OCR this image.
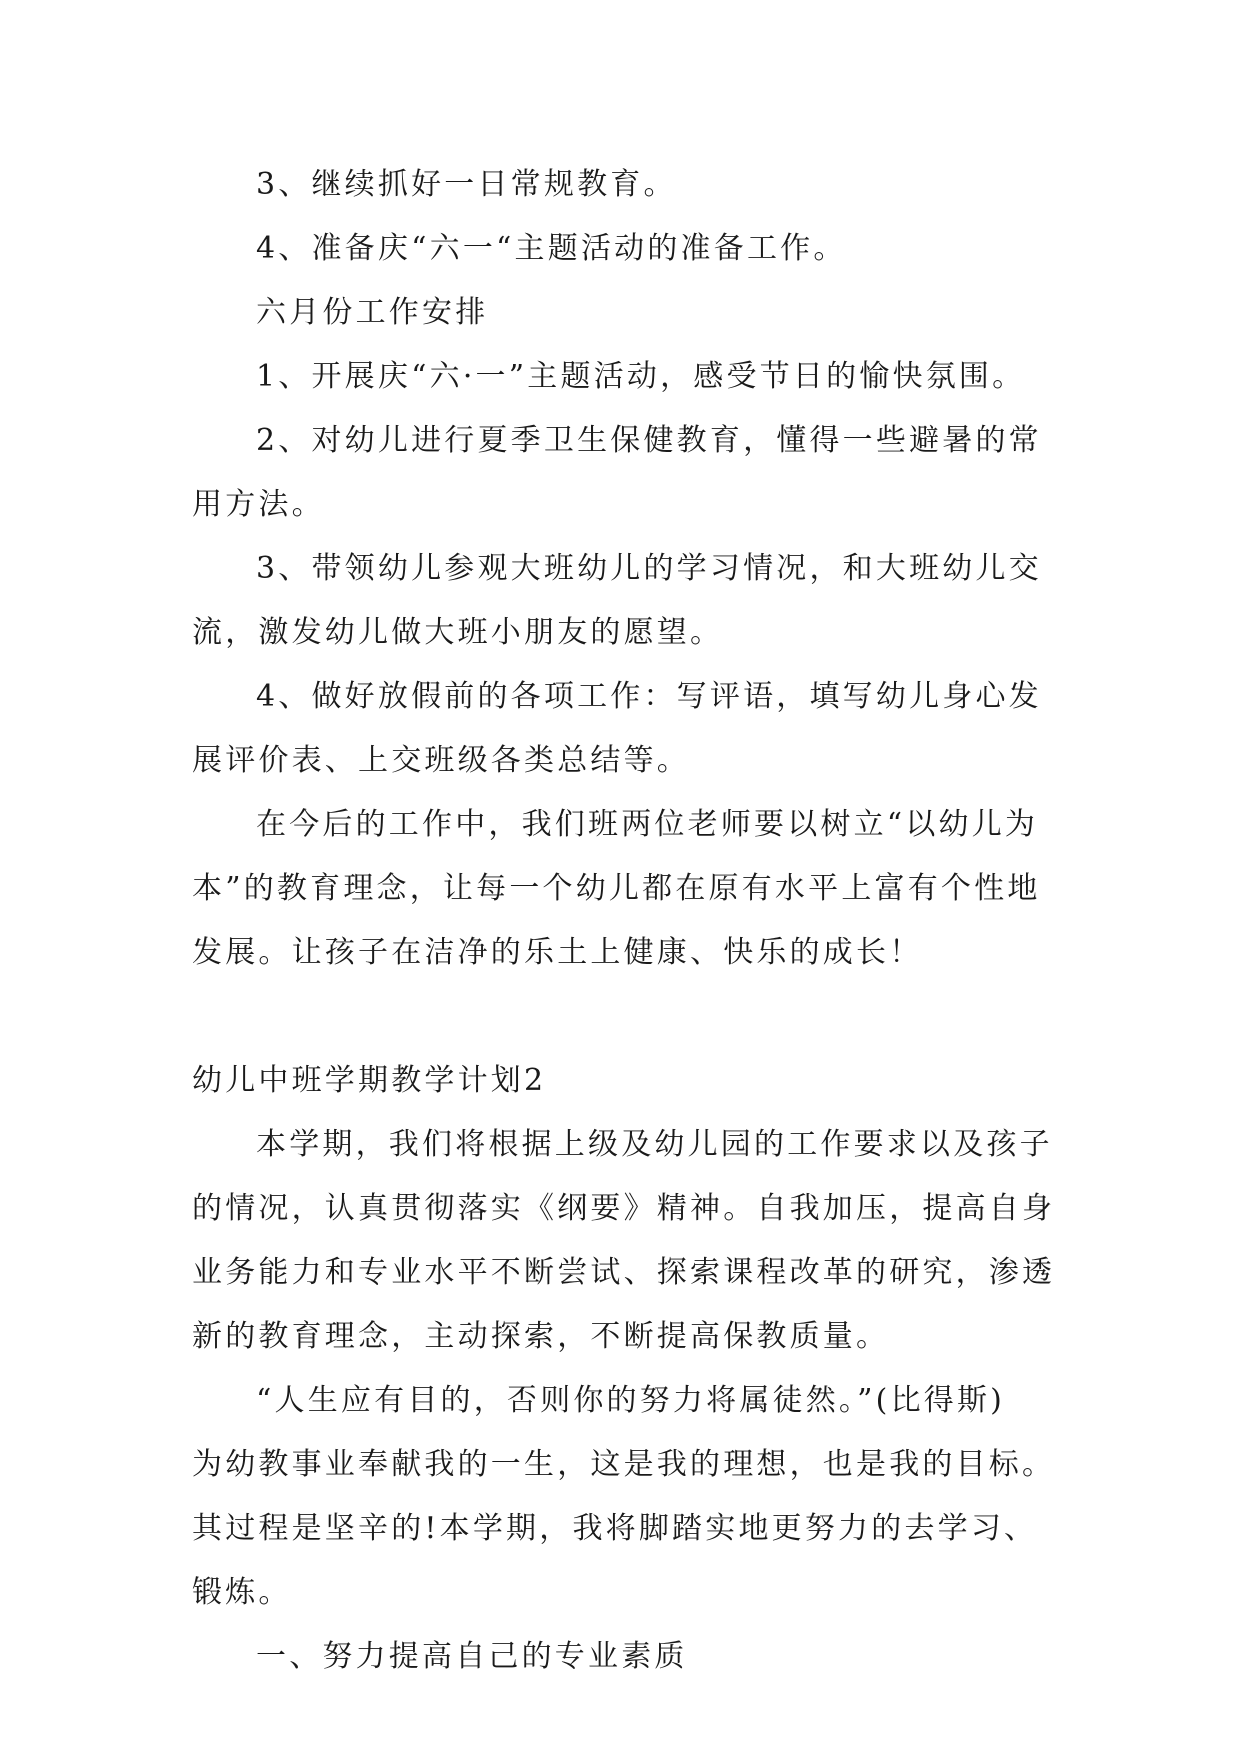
3、继续抓好一日常规教育。
4、准备庆“六一“主题活动的准备工作。
六月份工作安排
1、开展庆“六·一”主题活动，感受节日的愉快氛围。
2、对幼儿进行夏季卫生保健教育，懂得一些避暑的常
用方法。
3、带领幼儿参观大班幼儿的学习情况，和大班幼儿交
流，激发幼儿做大班小朋友的愿望。
4、做好放假前的各项工作：写评语，填写幼儿身心发
展评价表、上交班级各类总结等。
在今后的工作中，我们班两位老师要以树立“以幼儿为
本”的教育理念，让每一个幼儿都在原有水平上富有个性地
发展。让孩子在洁净的乐土上健康、快乐的成长！
幼儿中班学期教学计划2
本学期，我们将根据上级及幼儿园的工作要求以及孩子
的情况，认真贯彻落实《纲要》精神。自我加压，提高自身
业务能力和专业水平不断尝试、探索课程改革的研究，渗透
新的教育理念，主动探索，不断提高保教质量。
“人生应有目的，否则你的努力将属徒然。”(比得斯)
为幼教事业奉献我的一生，这是我的理想，也是我的目标。
其过程是坚辛的!本学期，我将脚踏实地更努力的去学习、
锻炼。
一、努力提高自己的专业素质
